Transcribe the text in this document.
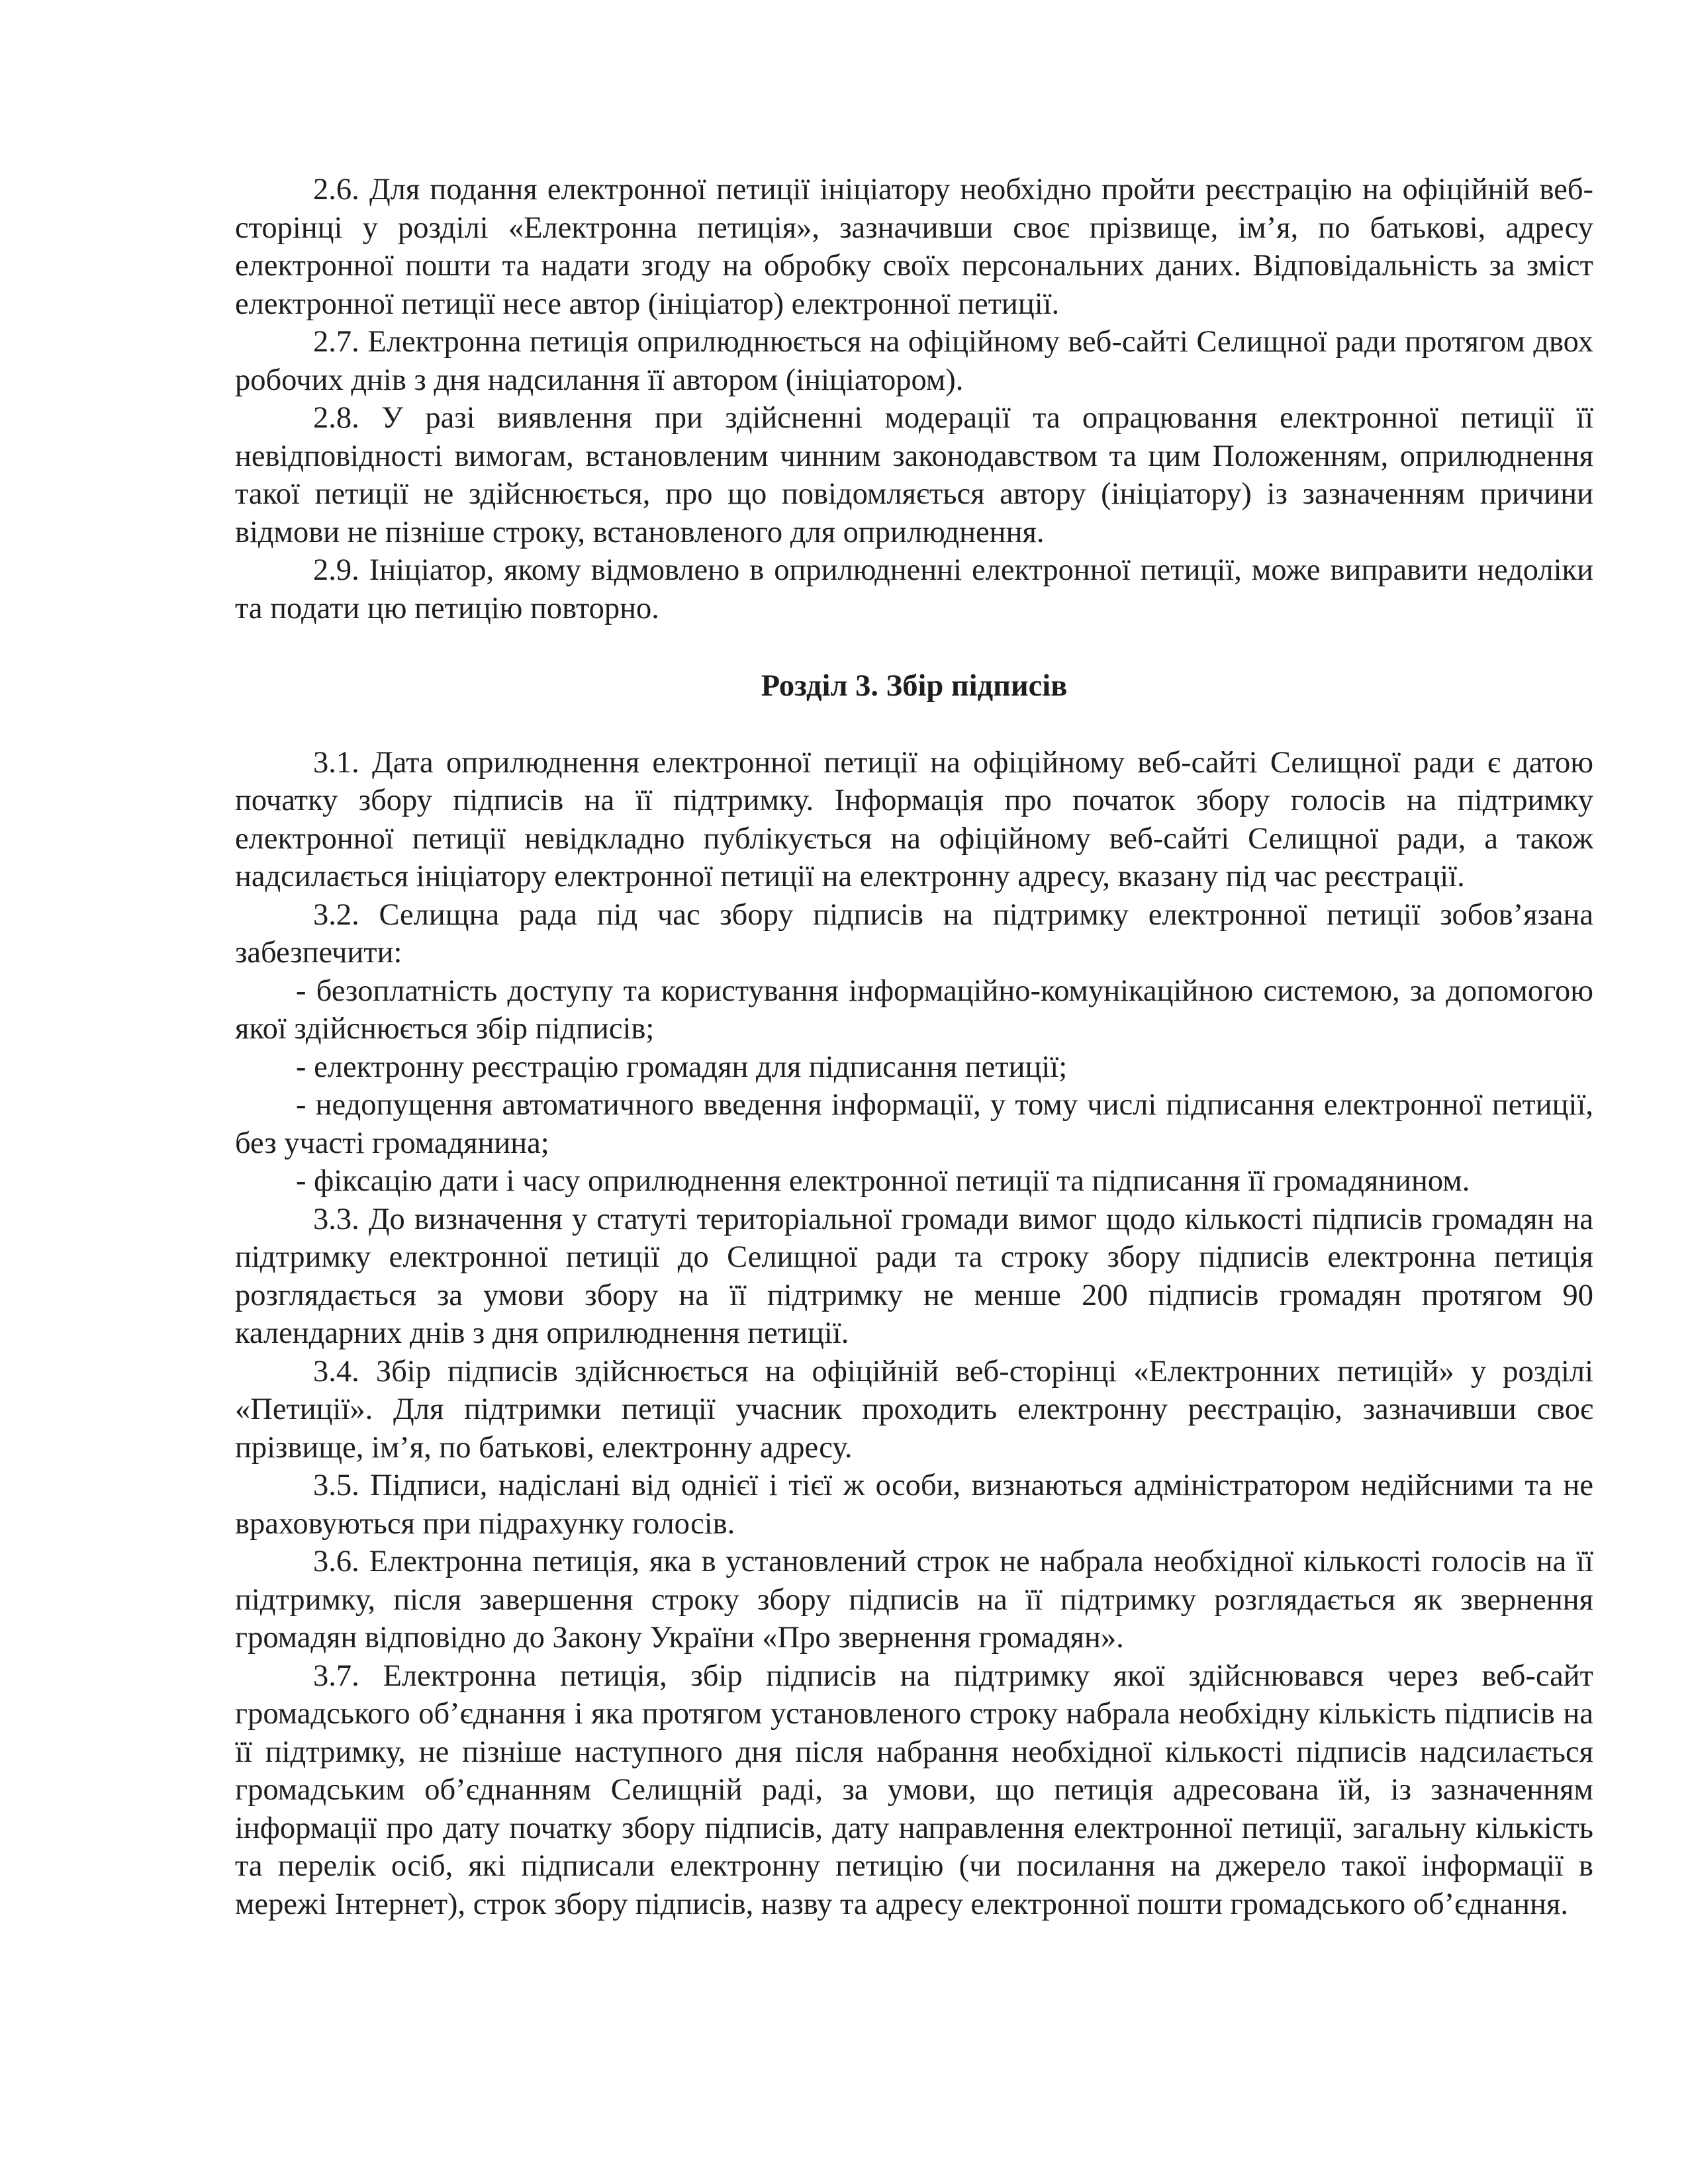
2.6. Для подання електронної петиції ініціатору необхідно пройти реєстрацію на офіційній веб-сторінці у розділі «Електронна петиція», зазначивши своє прізвище, ім’я, по батькові, адресу електронної пошти та надати згоду на обробку своїх персональних даних. Відповідальність за зміст електронної петиції несе автор (ініціатор) електронної петиції.

2.7. Електронна петиція оприлюднюється на офіційному веб-сайті Селищної ради протягом двох робочих днів з дня надсилання її автором (ініціатором).

2.8. У разі виявлення при здійсненні модерації та опрацювання електронної петиції її невідповідності вимогам, встановленим чинним законодавством та цим Положенням, оприлюднення такої петиції не здійснюється, про що повідомляється автору (ініціатору) із зазначенням причини відмови не пізніше строку, встановленого для оприлюднення.

2.9. Ініціатор, якому відмовлено в оприлюдненні електронної петиції, може виправити недоліки та подати цю петицію повторно.

Розділ 3. Збір підписів

3.1. Дата оприлюднення електронної петиції на офіційному веб-сайті Селищної ради є датою початку збору підписів на її підтримку. Інформація про початок збору голосів на підтримку електронної петиції невідкладно публікується на офіційному веб-сайті Селищної ради, а також надсилається ініціатору електронної петиції на електронну адресу, вказану під час реєстрації.

3.2. Селищна рада під час збору підписів на підтримку електронної петиції зобов’язана забезпечити:

- безоплатність доступу та користування інформаційно-комунікаційною системою, за допомогою якої здійснюється збір підписів;

- електронну реєстрацію громадян для підписання петиції;

- недопущення автоматичного введення інформації, у тому числі підписання електронної петиції, без участі громадянина;

- фіксацію дати і часу оприлюднення електронної петиції та підписання її громадянином.

3.3. До визначення у статуті територіальної громади вимог щодо кількості підписів громадян на підтримку електронної петиції до Селищної ради та строку збору підписів електронна петиція розглядається за умови збору на її підтримку не менше 200 підписів громадян протягом 90 календарних днів з дня оприлюднення петиції.

3.4. Збір підписів здійснюється на офіційній веб-сторінці «Електронних петицій» у розділі «Петиції». Для підтримки петиції учасник проходить електронну реєстрацію, зазначивши своє прізвище, ім’я, по батькові, електронну адресу.

3.5. Підписи, надіслані від однієї і тієї ж особи, визнаються адміністратором недійсними та не враховуються при підрахунку голосів.

3.6. Електронна петиція, яка в установлений строк не набрала необхідної кількості голосів на її підтримку, після завершення строку збору підписів на її підтримку розглядається як звернення громадян відповідно до Закону України «Про звернення громадян».

3.7. Електронна петиція, збір підписів на підтримку якої здійснювався через веб-сайт громадського об’єднання і яка протягом установленого строку набрала необхідну кількість підписів на її підтримку, не пізніше наступного дня після набрання необхідної кількості підписів надсилається громадським об’єднанням Селищній раді, за умови, що петиція адресована їй, із зазначенням інформації про дату початку збору підписів, дату направлення електронної петиції, загальну кількість та перелік осіб, які підписали електронну петицію (чи посилання на джерело такої інформації в мережі Інтернет), строк збору підписів, назву та адресу електронної пошти громадського об’єднання.
